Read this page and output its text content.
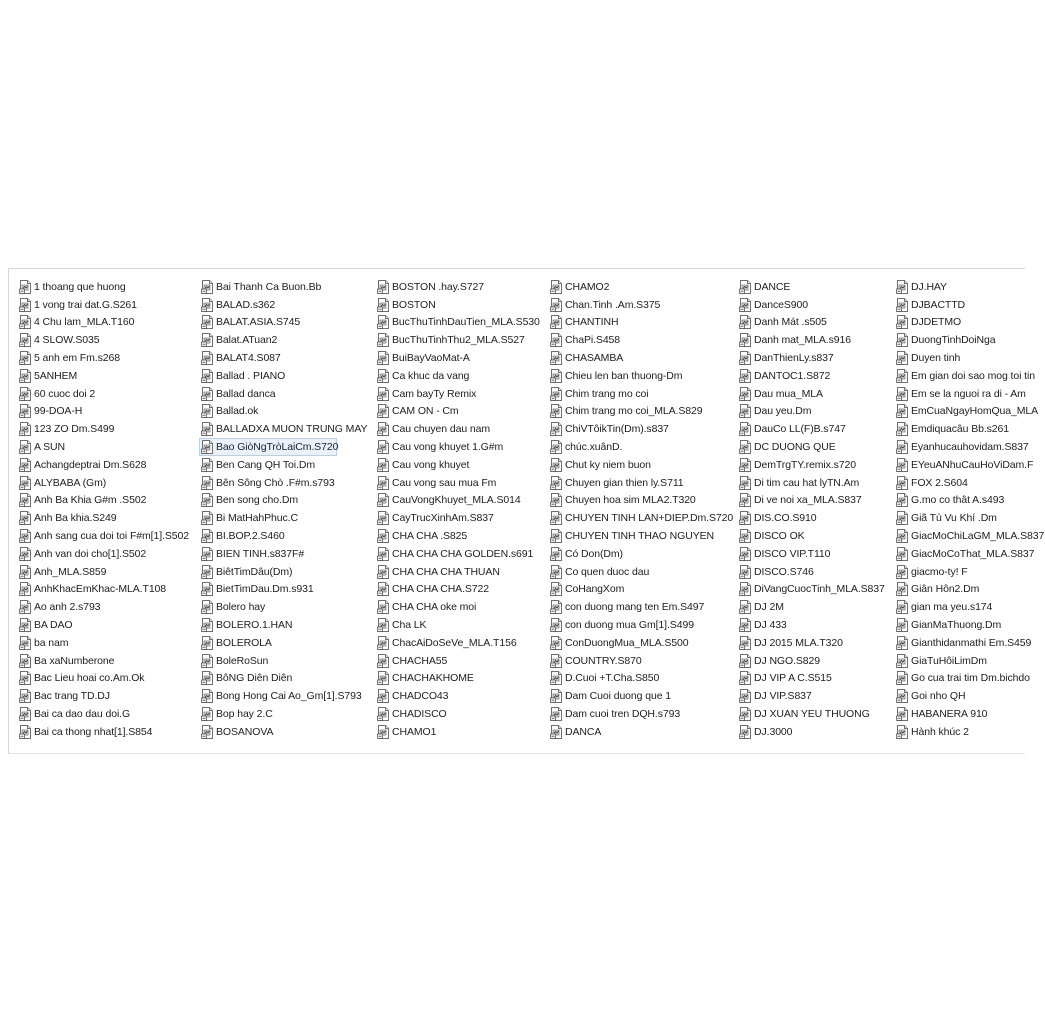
1 thoang que huong
1 vong trai dat.G.S261
4 Chu lam_MLA.T160
4 SLOW.S035
5 anh em Fm.s268
5ANHEM
60 cuoc doi 2
99-DOA-H
123 ZO Dm.S499
A SUN
Achangdeptrai Dm.S628
ALYBABA (Gm)
Anh Ba Khia G#m .S502
Anh Ba khia.S249
Anh sang cua doi toi F#m[1].S502
Anh van doi cho[1].S502
Anh_MLA.S859
AnhKhacEmKhac-MLA.T108
Ao anh 2.s793
BA DAO
ba nam
Ba xaNumberone
Bac Lieu hoai co.Am.Ok
Bac trang TD.DJ
Bai ca dao dau doi.G
Bai ca thong nhat[1].S854
Bai Thanh Ca Buon.Bb
BALAD.s362
BALAT.ASIA.S745
Balat.ATuan2
BALAT4.S087
Ballad . PIANO
Ballad danca
Ballad.ok
BALLADXA MUON TRUNG MAY
Bao GiòNgTròLaiCm.S720
Ben Cang QH Toi.Dm
Bên Sông Chò .F#m.s793
Ben song cho.Dm
Bi MatHahPhuc.C
BI.BOP.2.S460
BIEN TINH.s837F#
BiêtTimDâu(Dm)
BietTimDau.Dm.s931
Bolero hay
BOLERO.1.HAN
BOLEROLA
BoleRoSun
BôNG Diên Diên
Bong Hong Cai Ao_Gm[1].S793
Bop hay 2.C
BOSANOVA
BOSTON .hay.S727
BOSTON
BucThuTinhDauTien_MLA.S530
BucThuTinhThu2_MLA.S527
BuiBayVaoMat-A
Ca khuc da vang
Cam bayTy Remix
CAM ON - Cm
Cau chuyen dau nam
Cau vong khuyet 1.G#m
Cau vong khuyet
Cau vong sau mua Fm
CauVongKhuyet_MLA.S014
CayTrucXinhAm.S837
CHA CHA .S825
CHA CHA CHA GOLDEN.s691
CHA CHA CHA THUAN
CHA CHA CHA.S722
CHA CHA oke moi
Cha LK
ChacAiDoSeVe_MLA.T156
CHACHA55
CHACHAKHOME
CHADCO43
CHADISCO
CHAMO1
CHAMO2
Chan.Tinh .Am.S375
CHANTINH
ChaPi.S458
CHASAMBA
Chieu len ban thuong-Dm
Chim trang mo coi
Chim trang mo coi_MLA.S829
ChiVTôikTin(Dm).s837
chúc.xuânD.
Chut ky niem buon
Chuyen gian thien ly.S711
Chuyen hoa sim MLA2.T320
CHUYEN TINH LAN+DIEP.Dm.S720
CHUYEN TINH THAO NGUYEN
Có Don(Dm)
Co quen duoc dau
CoHangXom
con duong mang ten Em.S497
con duong mua Gm[1].S499
ConDuongMua_MLA.S500
COUNTRY.S870
D.Cuoi +T.Cha.S850
Dam Cuoi duong que 1
Dam cuoi tren DQH.s793
DANCA
DANCE
DanceS900
Danh Mát .s505
Danh mat_MLA.s916
DanThienLy.s837
DANTOC1.S872
Dau mua_MLA
Dau yeu.Dm
DauCo LL(F)B.s747
DC DUONG QUE
DemTrgTY.remix.s720
Di tim cau hat lyTN.Am
Di ve noi xa_MLA.S837
DIS.CO.S910
DISCO OK
DISCO VIP.T110
DISCO.S746
DiVangCuocTinh_MLA.S837
DJ 2M
DJ 433
DJ 2015 MLA.T320
DJ NGO.S829
DJ VIP A C.S515
DJ VIP.S837
DJ XUAN YEU THUONG
DJ.3000
DJ.HAY
DJBACTTD
DJDETMO
DuongTinhDoiNga
Duyen tinh
Em gian doi sao mog toi tin
Em se la nguoi ra di - Am
EmCuaNgayHomQua_MLA
Emdiquacâu Bb.s261
Eyanhucauhovidam.S837
EYeuANhuCauHoViDam.F
FOX 2.S604
G.mo co thât A.s493
Giã Tù Vu Khí .Dm
GiacMoChiLaGM_MLA.S837
GiacMoCoThat_MLA.S837
giacmo-ty! F
Giân Hôn2.Dm
gian ma yeu.s174
GianMaThuong.Dm
Gianthidanmathi Em.S459
GiaTuHôiLimDm
Go cua trai tim Dm.bichdo
Goi nho QH
HABANERA 910
Hành khúc 2
